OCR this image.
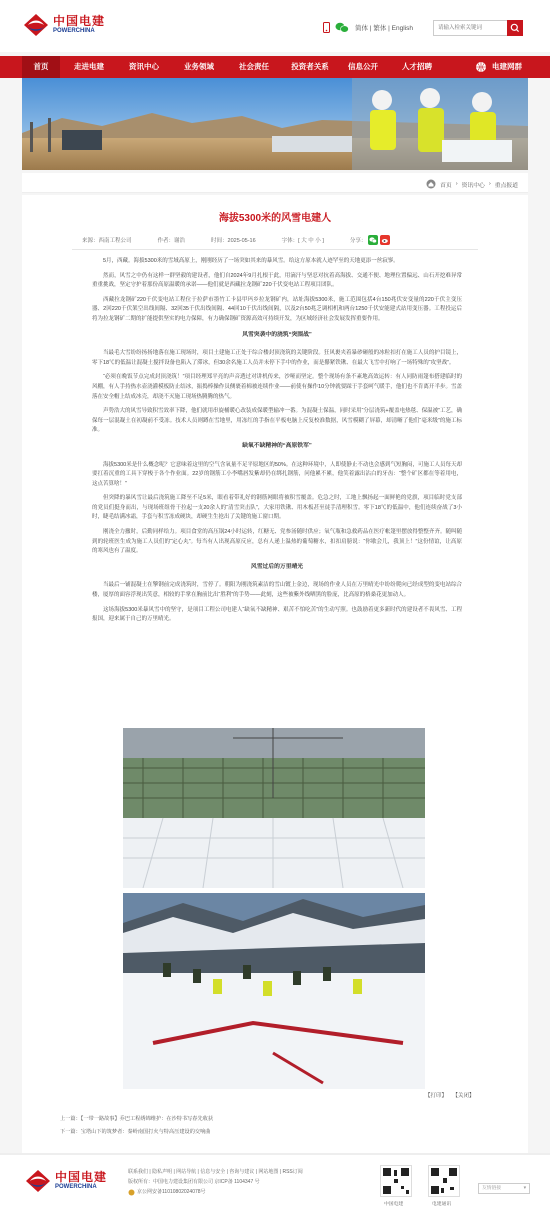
中国电建
POWERCHINA	简体 | 繁体 | English
请输入检索关键词
首页	走进电建	资讯中心	业务领域	社会责任	投资者关系	信息公开	人才招聘	电建网群
首页 › 资讯中心 › 重点报道
海拔5300米的风雪电建人
来源：西南工程公司	作者：谢浩	时间：2025-05-16	字体：[ 大 中 小 ]	分享：

5月，西藏。海拔5300米的雪域高原上，刚刚经历了一场突如其来的暴风雪。给这方原本就人迹罕至的天地更添一丝寂寥。

然而，风雪之中仍有这样一群坚毅的建设者，他们自2024年9月扎根于此，用滴汗与坚忍对抗着高海拔、交通不便、地理位置偏远、山石开挖难异常重重挑战，坚定守护着那份高原温暖的承诺——他们就是西藏拉龙钢矿220千伏变电站工程项目团队。

西藏拉龙钢矿220千伏变电站工程位于拉萨市墨竹工卡县甲玛乡拉龙钢矿内，站址海拔5300米，施工范围包括4台150兆伏安变量的220千伏主变压器、2回220千伏架空出线间隔、32回35千伏出线间隔、44回10千伏出线间隔，以及2台50兆乏调相机和两台1250千伏安能建式站用变压器。工程投运后将为拉龙钢矿二期的扩能提供坚实的电力保障，有力确保钢矿资源高效可持续开发，为区域经济社会发展发挥重要作用。

风雪突袭中的浇筑“突围战”

当最毛大雪纷纷扬扬地落在施工现场时，项目土建施工正处于综合楼封顶浇筑的关键阶段。狂风裹夹着暴砂砸般的冰粒扣打在施工人员的护目镜上，零下18℃的低温让混凝土搅拌设备也陷入了滞冰，但30余名施工人员并未停下手中的作业，而是攥紧铁锹、在最大飞雪中打响了一场特殊的“攻坚战”。

“必须在晚饭节点完成封顶浇筑！”项目经理郑平亮的声音透过对讲机传来，沙哑而坚定。整个现场有条不紊地高效运转：有人同防雨篷布搭建临时的风棚，有人手持热水壶浇灌模板防止结冰，振捣棒操作员侧裹着棉被连续作业——前使有操作10分钟就要踩于手套呵气暖手，他们也不肯离开半步。雪盖落在安全帽上结成冰壳，却浇不灭施工现场热腾腾的热气。

声势浩大的风雪导致积雪效率下降，他们就用串旋桶暖心改装成保暖型输冲一番。为混凝土保温，同时采用“分层浇筑+覆盖电热毯、保温被”工艺，确保每一层混凝土在初凝前不受冻。技术人员则蹲在雪地里，用冻红的手指在平板电脑上反复校准数据，风雪模糊了屏幕，却清晰了他们“毫米级”的施工标准。

缺氧不缺精神的“高原铁军”

海拔5300米是什么概念呢？它意味着这里的空气含氧量不足平原地区的50%。在这种环境中，人即使静止不动也会感到气短胸闷，可施工人员每天却要扛着沉重的工具下穿梭于各个作业面。22岁的钢筋工小李嘴唇发紫却仍在绑扎钢筋，问他累不累，他笑着露出沾白的牙齿：“整个矿区都在等着用电，这点苦算啥！”

但突降的暴风雪让最后浇筑施工降至不足5米，眼看着带礼好的钢筋网眼将被积雪覆盖。危急之时，工地上飘扬起一面鲜艳的党旗，项目临时党支部的党员们挺身而出，与现场班组骨干拉起一支20余人的“清雪突击队”，大家用铁锹、用木板甚至徒手清理积雪。零下18℃的低温中，他们连续奋战了3小时，睫毛结满冰霜，手套与积雪冻成硬块，却硬生生抢出了关键的施工窗口期。

刚浇全力撤时，后勤同样给力。项目食堂的高压锅24小时运转，红糖无、党参汤随时供应；氧气瓶和急救药品在医疗帐篷里摆放得整整齐齐。随叫随到的轮班医生成为施工人员们的“定心丸”。每当有人出现高原反应，总有人递上温热的葡萄糖水，扣扣肩膀说：“你歇会儿，我顶上！”这份情谊，让高原的寒风也有了温度。

风雪过后的万里晴光

当最后一铺混凝土在擎钢前完成浇筑时，雪停了。朝阳为刚浇筑素洁的雪山镀上金边，现场的作业人员在万里晴光中纷纷爬向已经成型的变电站综合楼，厦厚的面容浮现出笑意，相较的手掌在胸前比出“胜利”的手势——此刻，这些被紫外线晒黑的脸庞，比高原的格桑花更加动人。

这场海拔5300米暴风雪中的坚守，是项目工程公司电建人“缺氧不缺精神、艰苦不怕吃苦”的生动写照。也鼓励着更多新时代的建设者不畏风雪、工程报国，迎来属于自己的万里晴光。

【打印】 【关闭】
上一篇：【一带一路故事】乔巴工程绣锦维护：在沙特书写春先收获
下一篇：宝塔山下的筑梦者：秦岭南国打火与特高压建设的交响曲
中国电建
POWERCHINA
联系我们 | 隐私声明 | 网站导航 | 信息与安全 | 咨询与建议 | 网站地图 | RSS订阅
版权所有：中国电力建设集团有限公司 京ICP备 1104347 号
京公网安备11010802024078号
中国电建	电建通讯
友情链接	▾
